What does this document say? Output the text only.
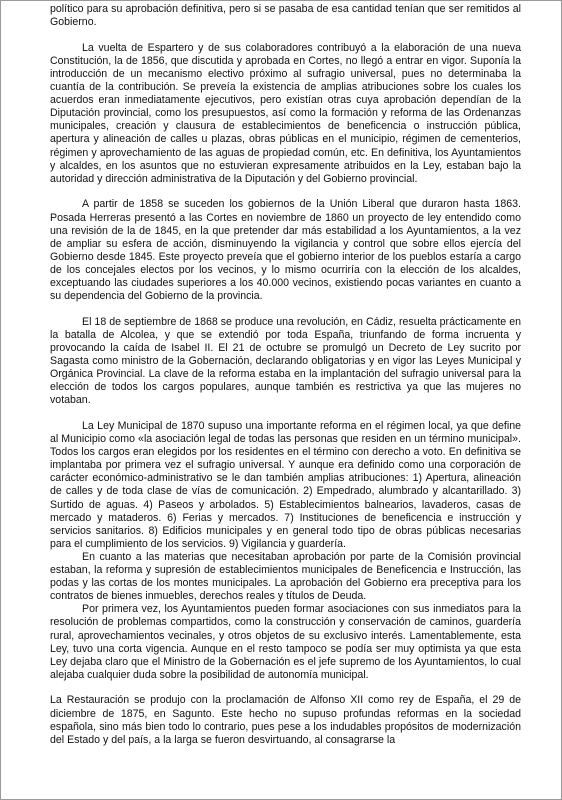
político para su aprobación definitiva, pero si se pasaba de esa cantidad tenían que ser remitidos al Gobierno.

La vuelta de Espartero y de sus colaboradores contribuyó a la elaboración de una nueva Constitución, la de 1856, que discutida y aprobada en Cortes, no llegó a entrar en vigor. Suponía la introducción de un mecanismo electivo próximo al sufragio universal, pues no determinaba la cuantía de la contribución. Se preveía la existencia de amplias atribuciones sobre los cuales los acuerdos eran inmediatamente ejecutivos, pero existían otras cuya aprobación dependían de la Diputación provincial, como los presupuestos, así como la formación y reforma de las Ordenanzas municipales, creación y clausura de establecimientos de beneficencia o instrucción pública, apertura y alineación de calles u plazas, obras públicas en el municipio, régimen de cementerios, régimen y aprovechamiento de las aguas de propiedad común, etc. En definitiva, los Ayuntamientos y alcaldes, en los asuntos que no estuvieran expresamente atribuidos en la Ley, estaban bajo la autoridad y dirección administrativa de la Diputación y del Gobierno provincial.

A partir de 1858 se suceden los gobiernos de la Unión Liberal que duraron hasta 1863. Posada Herreras presentó a las Cortes en noviembre de 1860 un proyecto de ley entendido como una revisión de la de 1845, en la que pretender dar más estabilidad a los Ayuntamientos, a la vez de ampliar su esfera de acción, disminuyendo la vigilancia y control que sobre ellos ejercía del Gobierno desde 1845. Este proyecto preveía que el gobierno interior de los pueblos estaría a cargo de los concejales electos por los vecinos, y lo mismo ocurriría con la elección de los alcaldes, exceptuando las ciudades superiores a los 40.000 vecinos, existiendo pocas variantes en cuanto a su dependencia del Gobierno de la provincia.

El 18 de septiembre de 1868 se produce una revolución, en Cádiz, resuelta prácticamente en la batalla de Alcolea, y que se extendió por toda España, triunfando de forma incruenta y provocando la caída de Isabel II. El 21 de octubre se promulgó un Decreto de Ley sucrito por Sagasta como ministro de la Gobernación, declarando obligatorias y en vigor las Leyes Municipal y Orgánica Provincial. La clave de la reforma estaba en la implantación del sufragio universal para la elección de todos los cargos populares, aunque también es restrictiva ya que las mujeres no votaban.

La Ley Municipal de 1870 supuso una importante reforma en el régimen local, ya que define al Municipio como «la asociación legal de todas las personas que residen en un término municipal». Todos los cargos eran elegidos por los residentes en el término con derecho a voto. En definitiva se implantaba por primera vez el sufragio universal. Y aunque era definido como una corporación de carácter económico-administrativo se le dan también amplias atribuciones: 1) Apertura, alineación de calles y de toda clase de vías de comunicación. 2) Empedrado, alumbrado y alcantarillado. 3) Surtido de aguas. 4) Paseos y arbolados. 5) Establecimientos balnearios, lavaderos, casas de mercado y mataderos. 6) Ferias y mercados. 7) Instituciones de beneficencia e instrucción y servicios sanitarios. 8) Edificios municipales y en general todo tipo de obras públicas necesarias para el cumplimiento de los servicios. 9) Vigilancia y guardería.

En cuanto a las materias que necesitaban aprobación por parte de la Comisión provincial estaban, la reforma y supresión de establecimientos municipales de Beneficencia e Instrucción, las podas y las cortas de los montes municipales. La aprobación del Gobierno era preceptiva para los contratos de bienes inmuebles, derechos reales y títulos de Deuda.

Por primera vez, los Ayuntamientos pueden formar asociaciones con sus inmediatos para la resolución de problemas compartidos, como la construcción y conservación de caminos, guardería rural, aprovechamientos vecinales, y otros objetos de su exclusivo interés. Lamentablemente, esta Ley, tuvo una corta vigencia. Aunque en el resto tampoco se podía ser muy optimista ya que esta Ley dejaba claro que el Ministro de la Gobernación es el jefe supremo de los Ayuntamientos, lo cual alejaba cualquier duda sobre la posibilidad de autonomía municipal.

La Restauración se produjo con la proclamación de Alfonso XII como rey de España, el 29 de diciembre de 1875, en Sagunto. Este hecho no supuso profundas reformas en la sociedad española, sino más bien todo lo contrario, pues pese a los indudables propósitos de modernización del Estado y del país, a la larga se fueron desvirtuando, al consagrarse la
